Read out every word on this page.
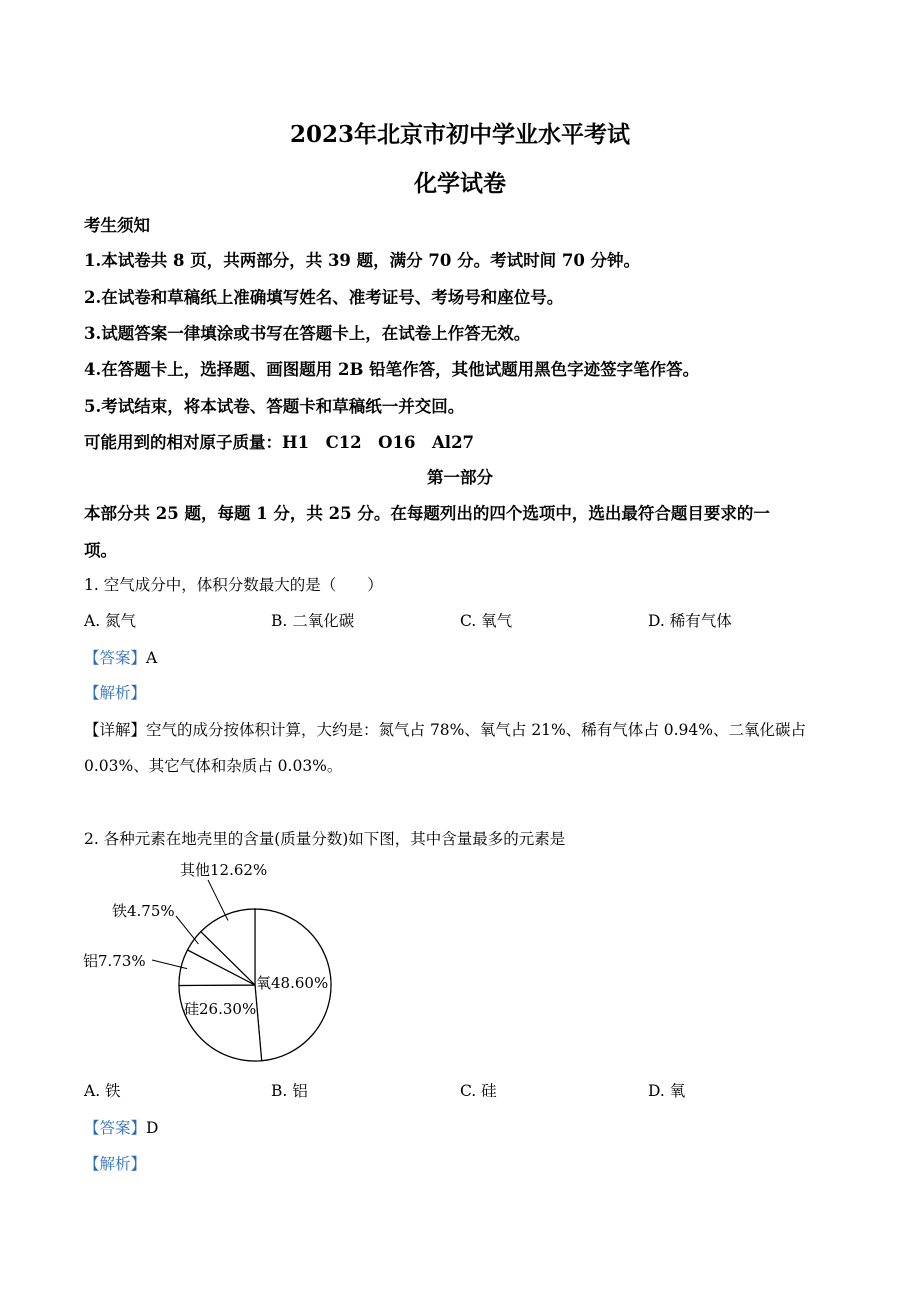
2023年北京市初中学业水平考试
化学试卷
考生须知
1.本试卷共 8 页，共两部分，共 39 题，满分 70 分。考试时间 70 分钟。
2.在试卷和草稿纸上准确填写姓名、准考证号、考场号和座位号。
3.试题答案一律填涂或书写在答题卡上，在试卷上作答无效。
4.在答题卡上，选择题、画图题用 2B 铅笔作答，其他试题用黑色字迹签字笔作答。
5.考试结束，将本试卷、答题卡和草稿纸一并交回。
可能用到的相对原子质量：H1　C12　O16　Al27
第一部分
本部分共 25 题，每题 1 分，共 25 分。在每题列出的四个选项中，选出最符合题目要求的一
项。
1. 空气成分中，体积分数最大的是（　　）
A. 氮气	B. 二氧化碳	C. 氧气	D. 稀有气体
【答案】A
【解析】
【详解】空气的成分按体积计算，大约是：氮气占 78%、氧气占 21%、稀有气体占 0.94%、二氧化碳占
0.03%、其它气体和杂质占 0.03%。
2. 各种元素在地壳里的含量(质量分数)如下图，其中含量最多的元素是
氧48.60%
硅26.30%
铝7.73%
铁4.75%
其他12.62%
A. 铁	B. 铝	C. 硅	D. 氧
【答案】D
【解析】
